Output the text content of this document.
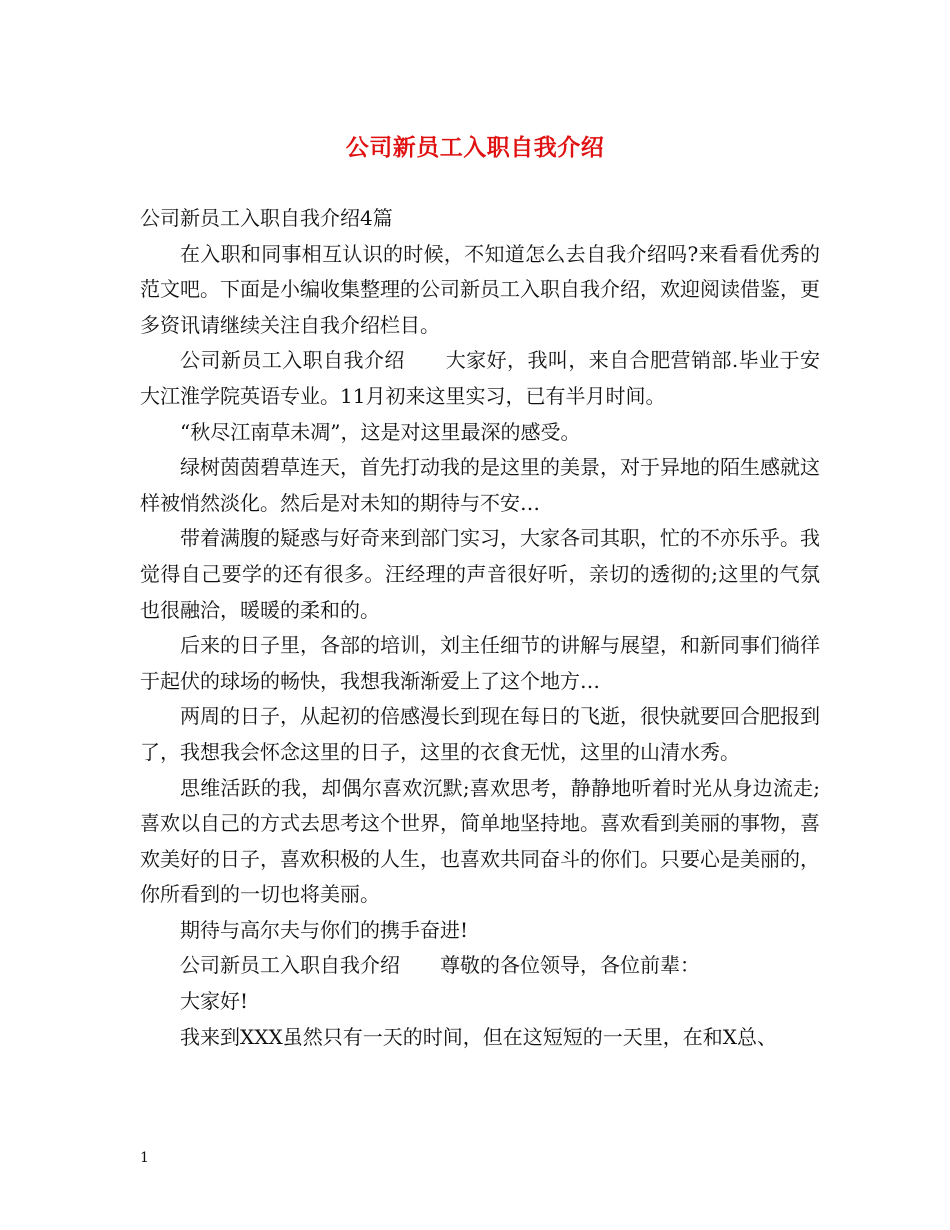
公司新员工入职自我介绍

公司新员工入职自我介绍4篇

在入职和同事相互认识的时候，不知道怎么去自我介绍吗?来看看优秀的范文吧。下面是小编收集整理的公司新员工入职自我介绍，欢迎阅读借鉴，更多资讯请继续关注自我介绍栏目。

公司新员工入职自我介绍　　大家好，我叫，来自合肥营销部.毕业于安大江淮学院英语专业。11月初来这里实习，已有半月时间。

“秋尽江南草未凋”，这是对这里最深的感受。

绿树茵茵碧草连天，首先打动我的是这里的美景，对于异地的陌生感就这样被悄然淡化。然后是对未知的期待与不安…

带着满腹的疑惑与好奇来到部门实习，大家各司其职，忙的不亦乐乎。我觉得自己要学的还有很多。汪经理的声音很好听，亲切的透彻的;这里的气氛也很融洽，暖暖的柔和的。

后来的日子里，各部的培训，刘主任细节的讲解与展望，和新同事们徜徉于起伏的球场的畅快，我想我渐渐爱上了这个地方…

两周的日子，从起初的倍感漫长到现在每日的飞逝，很快就要回合肥报到了，我想我会怀念这里的日子，这里的衣食无忧，这里的山清水秀。

思维活跃的我，却偶尔喜欢沉默;喜欢思考，静静地听着时光从身边流走;喜欢以自己的方式去思考这个世界，简单地坚持地。喜欢看到美丽的事物，喜欢美好的日子，喜欢积极的人生，也喜欢共同奋斗的你们。只要心是美丽的，你所看到的一切也将美丽。

期待与高尔夫与你们的携手奋进!

公司新员工入职自我介绍　　尊敬的各位领导，各位前辈：

大家好!

我来到XXX虽然只有一天的时间，但在这短短的一天里，在和X总、

1
